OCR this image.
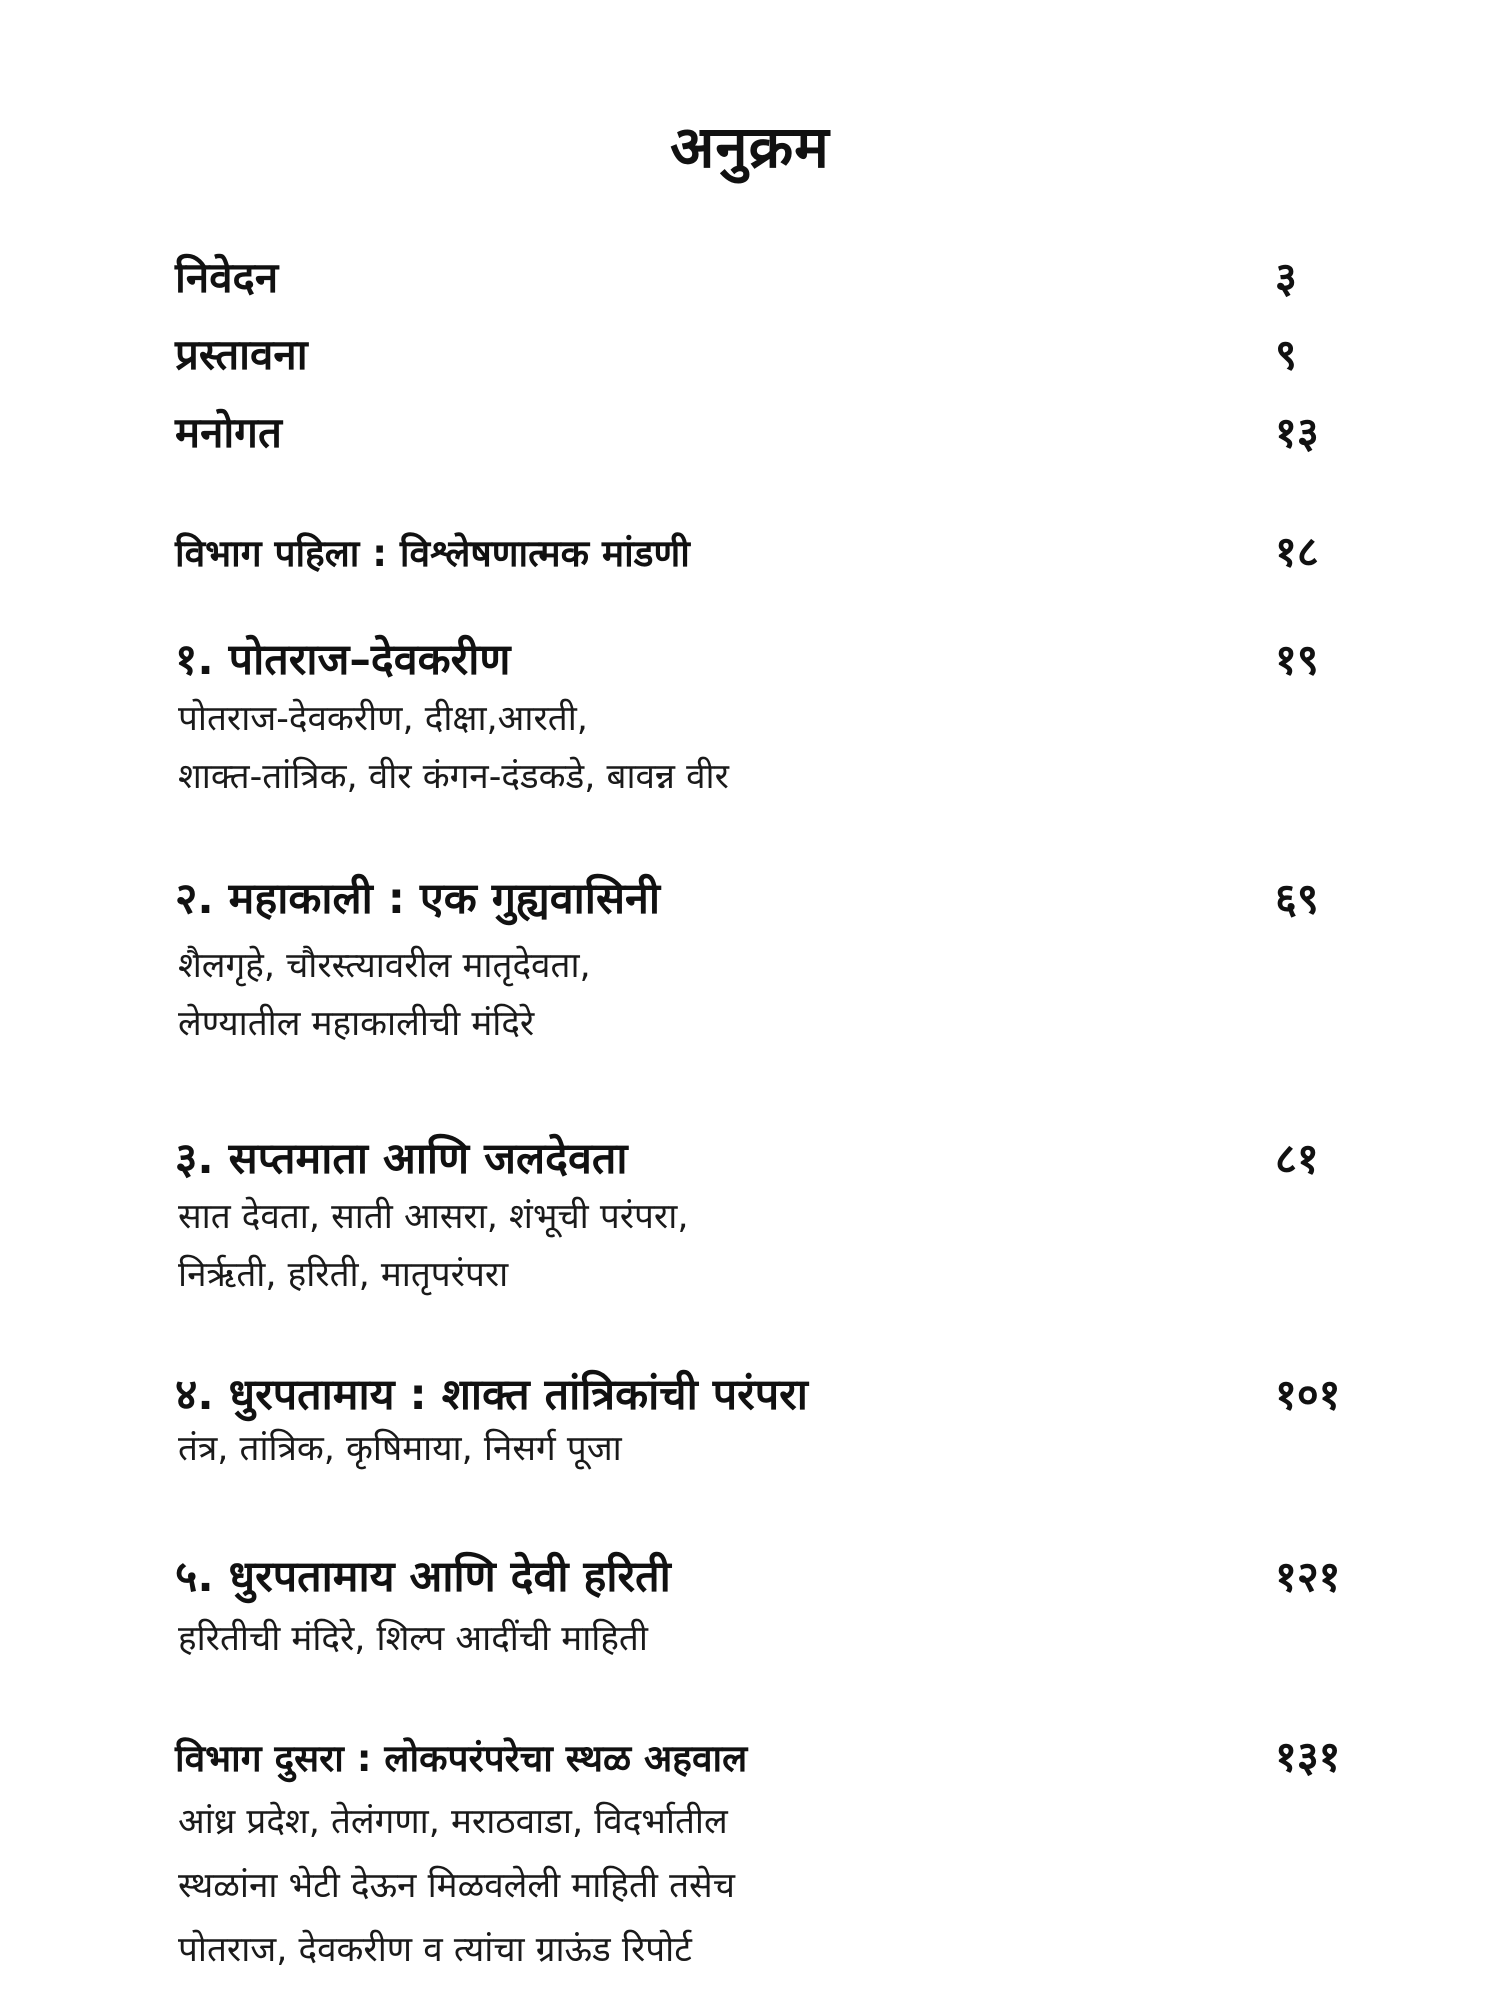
अनुक्रम
निवेदन	३
प्रस्तावना	९
मनोगत	१३
विभाग पहिला : विश्लेषणात्मक मांडणी	१८
१. पोतराज–देवकरीण	१९
पोतराज-देवकरीण, दीक्षा,आरती,
शाक्त-तांत्रिक, वीर कंगन-दंडकडे, बावन्न वीर
२. महाकाली : एक गुह्यवासिनी	६९
शैलगृहे, चौरस्त्यावरील मातृदेवता,
लेण्यातील महाकालीची मंदिरे
३. सप्तमाता आणि जलदेवता	८१
सात देवता, साती आसरा, शंभूची परंपरा,
निर्ऋती, हरिती, मातृपरंपरा
४. धुरपतामाय : शाक्त तांत्रिकांची परंपरा	१०१
तंत्र, तांत्रिक, कृषिमाया, निसर्ग पूजा
५. धुरपतामाय आणि देवी हरिती	१२१
हरितीची मंदिरे, शिल्प आदींची माहिती
विभाग दुसरा : लोकपरंपरेचा स्थळ अहवाल	१३१
आंध्र प्रदेश, तेलंगणा, मराठवाडा, विदर्भातील
स्थळांना भेटी देऊन मिळवलेली माहिती तसेच
पोतराज, देवकरीण व त्यांचा ग्राऊंड रिपोर्ट
